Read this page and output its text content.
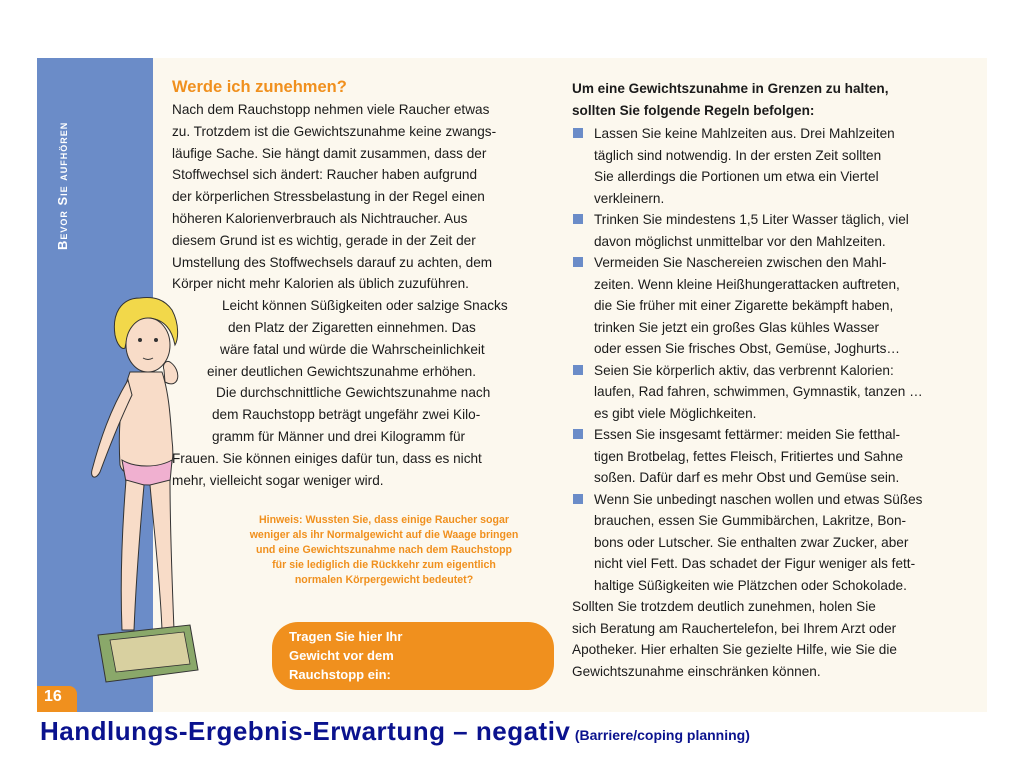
Bevor Sie aufhören
16
Werde ich zunehmen?
Nach dem Rauchstopp nehmen viele Raucher etwas
zu. Trotzdem ist die Gewichtszunahme keine zwangs-
läufige Sache. Sie hängt damit zusammen, dass der
Stoffwechsel sich ändert: Raucher haben aufgrund
der körperlichen Stressbelastung in der Regel einen
höheren Kalorienverbrauch als Nichtraucher. Aus
diesem Grund ist es wichtig, gerade in der Zeit der
Umstellung des Stoffwechsels darauf zu achten, dem
Körper nicht mehr Kalorien als üblich zuzuführen.
Leicht können Süßigkeiten oder salzige Snacks
den Platz der Zigaretten einnehmen. Das
wäre fatal und würde die Wahrscheinlichkeit
einer deutlichen Gewichtszunahme erhöhen.
Die durchschnittliche Gewichtszunahme nach
dem Rauchstopp beträgt ungefähr zwei Kilo-
gramm für Männer und drei Kilogramm für
Frauen. Sie können einiges dafür tun, dass es nicht
mehr, vielleicht sogar weniger wird.
Hinweis: Wussten Sie, dass einige Raucher sogar
weniger als ihr Normalgewicht auf die Waage bringen
und eine Gewichtszunahme nach dem Rauchstopp
für sie lediglich die Rückkehr zum eigentlich
normalen Körpergewicht bedeutet?
Tragen Sie hier Ihr
Gewicht vor dem
Rauchstopp ein:
Um eine Gewichtszunahme in Grenzen zu halten,
sollten Sie folgende Regeln befolgen:
Lassen Sie keine Mahlzeiten aus. Drei Mahlzeiten
täglich sind notwendig. In der ersten Zeit sollten
Sie allerdings die Portionen um etwa ein Viertel
verkleinern.
Trinken Sie mindestens 1,5 Liter Wasser täglich, viel
davon möglichst unmittelbar vor den Mahlzeiten.
Vermeiden Sie Naschereien zwischen den Mahl-
zeiten. Wenn kleine Heißhungerattacken auftreten,
die Sie früher mit einer Zigarette bekämpft haben,
trinken Sie jetzt ein großes Glas kühles Wasser
oder essen Sie frisches Obst, Gemüse, Joghurts…
Seien Sie körperlich aktiv, das verbrennt Kalorien:
laufen, Rad fahren, schwimmen, Gymnastik, tanzen …
es gibt viele Möglichkeiten.
Essen Sie insgesamt fettärmer: meiden Sie fetthal-
tigen Brotbelag, fettes Fleisch, Fritiertes und Sahne
soßen. Dafür darf es mehr Obst und Gemüse sein.
Wenn Sie unbedingt naschen wollen und etwas Süßes
brauchen, essen Sie Gummibärchen, Lakritze, Bon-
bons oder Lutscher. Sie enthalten zwar Zucker, aber
nicht viel Fett. Das schadet der Figur weniger als fett-
haltige Süßigkeiten wie Plätzchen oder Schokolade.
Sollten Sie trotzdem deutlich zunehmen, holen Sie
sich Beratung am Rauchertelefon, bei Ihrem Arzt oder
Apotheker. Hier erhalten Sie gezielte Hilfe, wie Sie die
Gewichtszunahme einschränken können.
Handlungs-Ergebnis-Erwartung – negativ (Barriere/coping planning)
